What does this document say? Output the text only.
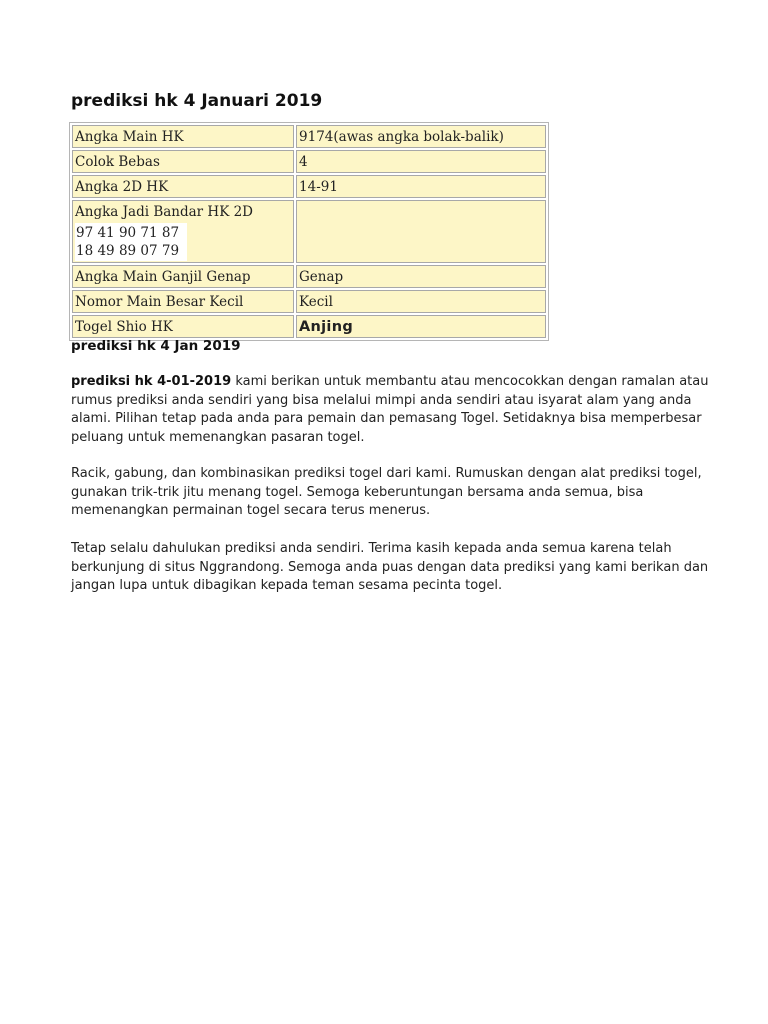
prediksi hk 4 Januari 2019
Angka Main HK	9174(awas angka bolak-balik)
Colok Bebas	4
Angka 2D HK	14-91
Angka Jadi Bandar HK 2D
97 41 90 71 87
18 49 89 07 79	

Angka Main Ganjil Genap	Genap
Nomor Main Besar Kecil	Kecil
Togel Shio HK	Anjing

prediksi hk 4 Jan 2019

prediksi hk 4-01-2019 kami berikan untuk membantu atau mencocokkan dengan ramalan atau rumus prediksi anda sendiri yang bisa melalui mimpi anda sendiri atau isyarat alam yang anda alami. Pilihan tetap pada anda para pemain dan pemasang Togel. Setidaknya bisa memperbesar peluang untuk memenangkan pasaran togel.

Racik, gabung, dan kombinasikan prediksi togel dari kami. Rumuskan dengan alat prediksi togel, gunakan trik-trik jitu menang togel. Semoga keberuntungan bersama anda semua, bisa memenangkan permainan togel secara terus menerus.

Tetap selalu dahulukan prediksi anda sendiri. Terima kasih kepada anda semua karena telah berkunjung di situs Nggrandong. Semoga anda puas dengan data prediksi yang kami berikan dan jangan lupa untuk dibagikan kepada teman sesama pecinta togel.
